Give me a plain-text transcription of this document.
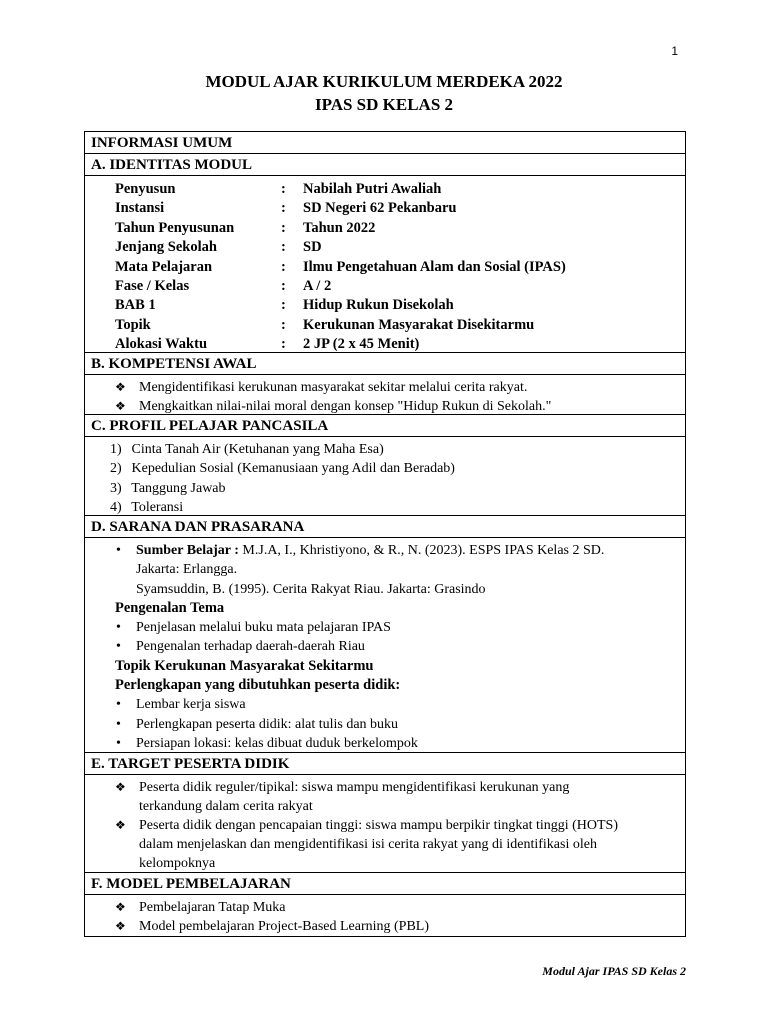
1
MODUL AJAR KURIKULUM MERDEKA 2022
IPAS SD KELAS 2
INFORMASI UMUM
A. IDENTITAS MODUL
Penyusun	:	Nabilah Putri Awaliah
Instansi	:	SD Negeri 62 Pekanbaru
Tahun Penyusunan	:	Tahun 2022
Jenjang Sekolah	:	SD
Mata Pelajaran	:	Ilmu Pengetahuan Alam dan Sosial (IPAS)
Fase / Kelas	:	A / 2
BAB 1	:	Hidup Rukun Disekolah
Topik	:	Kerukunan Masyarakat Disekitarmu
Alokasi Waktu	:	2 JP (2 x 45 Menit)
B. KOMPETENSI AWAL
❖ Mengidentifikasi kerukunan masyarakat sekitar melalui cerita rakyat.
❖ Mengkaitkan nilai-nilai moral dengan konsep "Hidup Rukun di Sekolah."
C. PROFIL PELAJAR PANCASILA
1) Cinta Tanah Air (Ketuhanan yang Maha Esa)
2) Kepedulian Sosial (Kemanusiaan yang Adil dan Beradab)
3) Tanggung Jawab
4) Toleransi
D. SARANA DAN PRASARANA
• Sumber Belajar : M.J.A, I., Khristiyono, & R., N. (2023). ESPS IPAS Kelas 2 SD.
Jakarta: Erlangga.
Syamsuddin, B. (1995). Cerita Rakyat Riau. Jakarta: Grasindo
Pengenalan Tema
• Penjelasan melalui buku mata pelajaran IPAS
• Pengenalan terhadap daerah-daerah Riau
Topik Kerukunan Masyarakat Sekitarmu
Perlengkapan yang dibutuhkan peserta didik:
• Lembar kerja siswa
• Perlengkapan peserta didik: alat tulis dan buku
• Persiapan lokasi: kelas dibuat duduk berkelompok
E. TARGET PESERTA DIDIK
❖ Peserta didik reguler/tipikal: siswa mampu mengidentifikasi kerukunan yang
terkandung dalam cerita rakyat
❖ Peserta didik dengan pencapaian tinggi: siswa mampu berpikir tingkat tinggi (HOTS)
dalam menjelaskan dan mengidentifikasi isi cerita rakyat yang di identifikasi oleh
kelompoknya
F. MODEL PEMBELAJARAN
❖ Pembelajaran Tatap Muka
❖ Model pembelajaran Project-Based Learning (PBL)
Modul Ajar IPAS SD Kelas 2
